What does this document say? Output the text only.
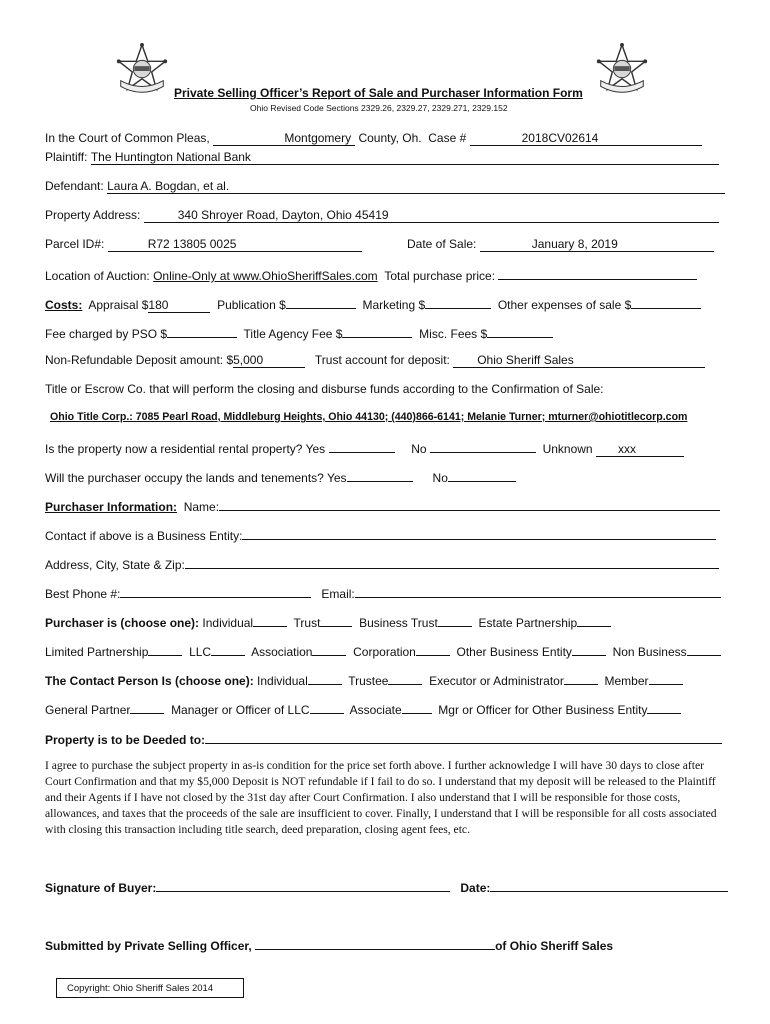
Private Selling Officer’s Report of Sale and Purchaser Information Form
Ohio Revised Code Sections 2329.26, 2329.27, 2329.271, 2329.152
In the Court of Common Pleas,	Montgomery County, Oh. Case #	2018CV02614
Plaintiff: The Huntington National Bank
Defendant: Laura A. Bogdan, et al.
Property Address:	340 Shroyer Road, Dayton, Ohio 45419
Parcel ID#:	R72 13805 0025	Date of Sale:	January 8, 2019
Location of Auction: Online-Only at www.OhioSheriffSales.com Total purchase price:
Costs: Appraisal $180	Publication $	Marketing $	Other expenses of sale $
Fee charged by PSO $	Title Agency Fee $	Misc. Fees $
Non-Refundable Deposit amount: $5,000	Trust account for deposit: Ohio Sheriff Sales
Title or Escrow Co. that will perform the closing and disburse funds according to the Confirmation of Sale:
Ohio Title Corp.: 7085 Pearl Road, Middleburg Heights, Ohio 44130; (440)866-6141; Melanie Turner; mturner@ohiotitlecorp.com
Is the property now a residential rental property? Yes	No	Unknown xxx
Will the purchaser occupy the lands and tenements? Yes	No
Purchaser Information: Name:
Contact if above is a Business Entity:
Address, City, State & Zip:
Best Phone #:	Email:
Purchaser is (choose one): Individual	Trust	Business Trust	Estate Partnership
Limited Partnership	LLC	Association	Corporation	Other Business Entity	Non Business
The Contact Person Is (choose one): Individual	Trustee	Executor or Administrator	Member
General Partner	Manager or Officer of LLC	Associate	Mgr or Officer for Other Business Entity
Property is to be Deeded to:
I agree to purchase the subject property in as-is condition for the price set forth above. I further acknowledge I will have 30 days to close after Court Confirmation and that my $5,000 Deposit is NOT refundable if I fail to do so. I understand that my deposit will be released to the Plaintiff and their Agents if I have not closed by the 31st day after Court Confirmation. I also understand that I will be responsible for those costs, allowances, and taxes that the proceeds of the sale are insufficient to cover. Finally, I understand that I will be responsible for all costs associated with closing this transaction including title search, deed preparation, closing agent fees, etc.
Signature of Buyer:	Date:
Submitted by Private Selling Officer,	of Ohio Sheriff Sales
Copyright: Ohio Sheriff Sales 2014
